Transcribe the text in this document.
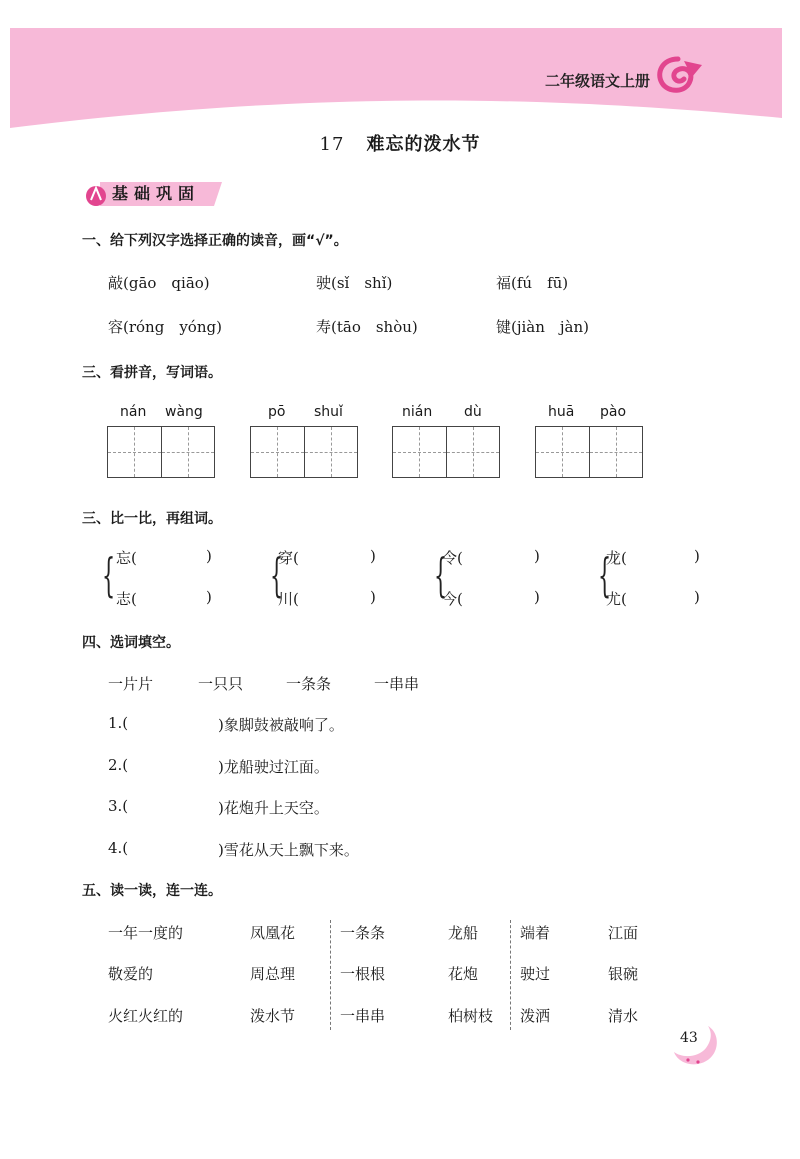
二年级语文上册
17 难忘的泼水节
基础巩固
一、给下列汉字选择正确的读音，画“√”。
敲(gāo　qiāo)	驶(sǐ　shǐ)	福(fú　fū)
容(róng　yóng)	寿(tāo　shòu)	键(jiàn　jàn)
三、看拼音，写词语。
nán wàng	pō shuǐ	nián dù	huā pào
三、比一比，再组词。
{ 忘(	)
志(	) {
穿(	)
川(	) {
令(	)
今(	) {
龙(	)
尤(	)
四、选词填空。
一片片	一只只	一条条	一串串
1.(	)象脚鼓被敲响了。
2.(	)龙船驶过江面。
3.(	)花炮升上天空。
4.(	)雪花从天上飘下来。
五、读一读，连一连。
一年一度的	凤凰花	一条条	龙船	端着	江面
敬爱的	周总理	一根根	花炮	驶过	银碗
火红火红的	泼水节	一串串	柏树枝 泼洒	清水
43
